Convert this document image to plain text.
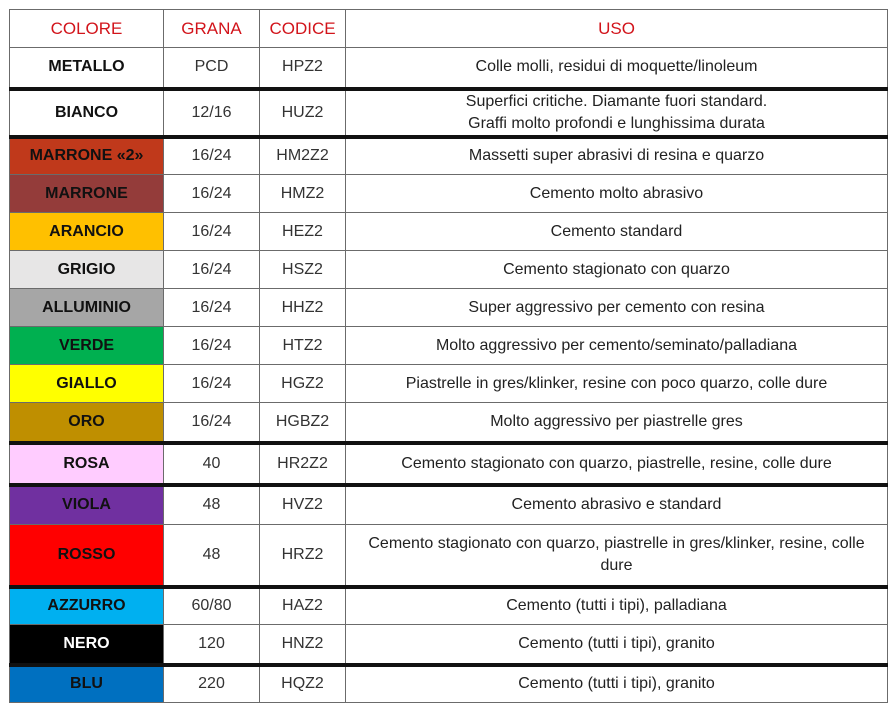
COLORE	GRANA	CODICE	USO
METALLO	PCD	HPZ2	Colle molli, residui di moquette/linoleum
BIANCO	12/16	HUZ2	Superfici critiche. Diamante fuori standard.
Graffi molto profondi e lunghissima durata
MARRONE «2»	16/24	HM2Z2	Massetti super abrasivi di resina e quarzo
MARRONE	16/24	HMZ2	Cemento molto abrasivo
ARANCIO	16/24	HEZ2	Cemento standard
GRIGIO	16/24	HSZ2	Cemento stagionato con quarzo
ALLUMINIO	16/24	HHZ2	Super aggressivo per cemento con resina
VERDE	16/24	HTZ2	Molto aggressivo per cemento/seminato/palladiana
GIALLO	16/24	HGZ2	Piastrelle in gres/klinker, resine con poco quarzo, colle dure
ORO	16/24	HGBZ2	Molto aggressivo per piastrelle gres
ROSA	40	HR2Z2	Cemento stagionato con quarzo, piastrelle, resine, colle dure
VIOLA	48	HVZ2	Cemento abrasivo e standard
ROSSO	48	HRZ2	Cemento stagionato con quarzo, piastrelle in gres/klinker, resine, colle
dure
AZZURRO	60/80	HAZ2	Cemento (tutti i tipi), palladiana
NERO	120	HNZ2	Cemento (tutti i tipi), granito
BLU	220	HQZ2	Cemento (tutti i tipi), granito
